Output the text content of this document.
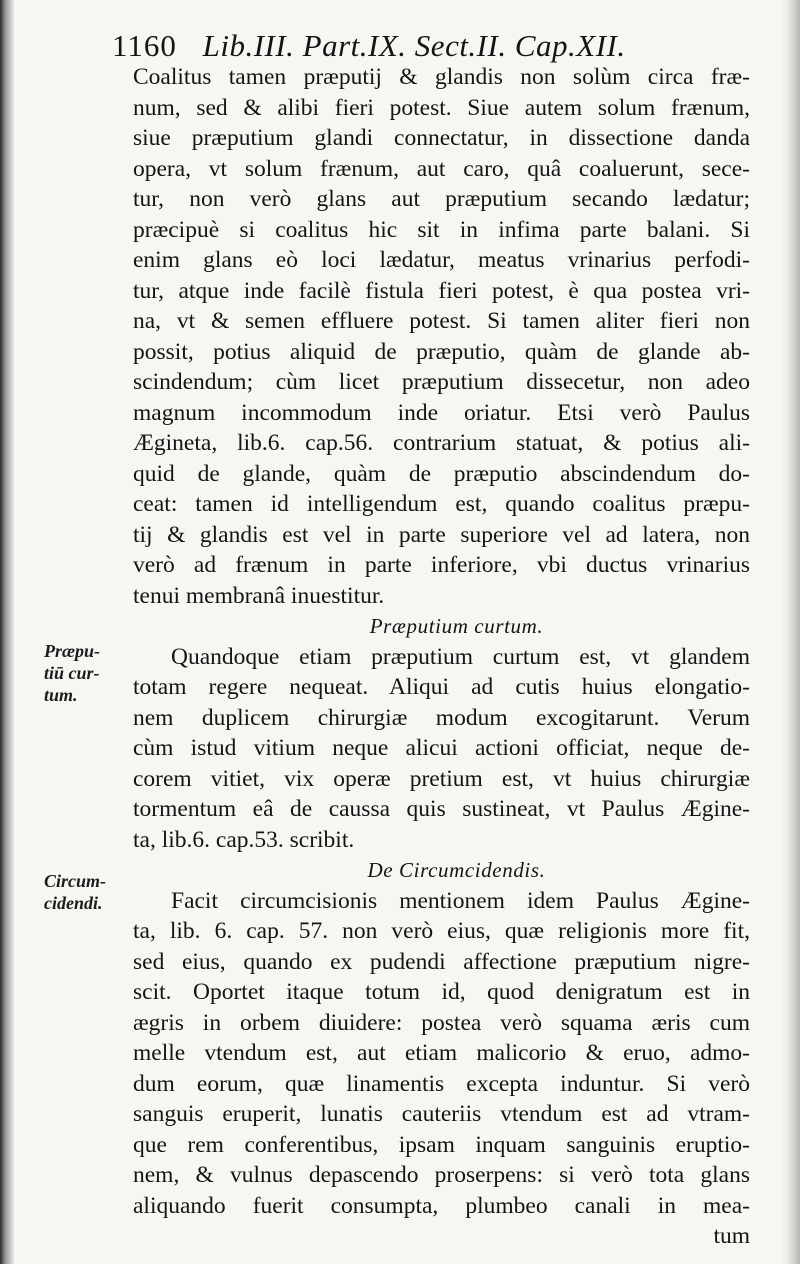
1160 Lib.III. Part.IX. Sect.II. Cap.XII.
Præpu-
tiū cur-
tum.
Circum-
cidendi.
Coalitus tamen præputij & glandis non solùm circa fræ-
num, sed & alibi fieri potest. Siue autem solum frænum,
siue præputium glandi connectatur, in dissectione danda
opera, vt solum frænum, aut caro, quâ coaluerunt, sece-
tur, non verò glans aut præputium secando lædatur;
præcipuè si coalitus hic sit in infima parte balani. Si
enim glans eò loci lædatur, meatus vrinarius perfodi-
tur, atque inde facilè fistula fieri potest, è qua postea vri-
na, vt & semen effluere potest. Si tamen aliter fieri non
possit, potius aliquid de præputio, quàm de glande ab-
scindendum; cùm licet præputium dissecetur, non adeo
magnum incommodum inde oriatur. Etsi verò Paulus
Ægineta, lib.6. cap.56. contrarium statuat, & potius ali-
quid de glande, quàm de præputio abscindendum do-
ceat: tamen id intelligendum est, quando coalitus præpu-
tij & glandis est vel in parte superiore vel ad latera, non
verò ad frænum in parte inferiore, vbi ductus vrinarius
tenui membranâ inuestitur.
Præputium curtum.
Quandoque etiam præputium curtum est, vt glandem
totam regere nequeat. Aliqui ad cutis huius elongatio-
nem duplicem chirurgiæ modum excogitarunt. Verum
cùm istud vitium neque alicui actioni officiat, neque de-
corem vitiet, vix operæ pretium est, vt huius chirurgiæ
tormentum eâ de caussa quis sustineat, vt Paulus Ægine-
ta, lib.6. cap.53. scribit.
De Circumcidendis.
Facit circumcisionis mentionem idem Paulus Ægine-
ta, lib. 6. cap. 57. non verò eius, quæ religionis more fit,
sed eius, quando ex pudendi affectione præputium nigre-
scit. Oportet itaque totum id, quod denigratum est in
ægris in orbem diuidere: postea verò squama æris cum
melle vtendum est, aut etiam malicorio & eruo, admo-
dum eorum, quæ linamentis excepta induntur. Si verò
sanguis eruperit, lunatis cauteriis vtendum est ad vtram-
que rem conferentibus, ipsam inquam sanguinis eruptio-
nem, & vulnus depascendo proserpens: si verò tota glans
aliquando fuerit consumpta, plumbeo canali in mea-
tum
